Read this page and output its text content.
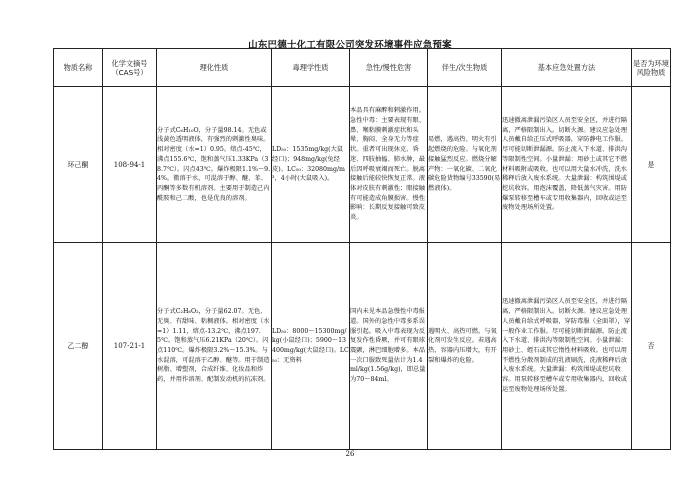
山东巴德士化工有限公司突发环境事件应急预案
物质名称	化学文摘号（CAS号）	理化性质	毒理学性质	急性/慢性危害	伴生/次生物质	基本应急处置方法	是否为环境风险物质
环己酮	108-94-1	分子式C₆H₁₀O，分子量98.14。无色或浅黄色透明液体，有强烈的刺激性臭味。相对密度（水=1）0.95。熔点-45℃，沸点155.6℃，饱和蒸气压1.33KPa（38.7℃）。闪点43℃。爆炸极限1.1%～9.4%。微溶于水，可混溶于醇、醚、苯、丙酮等多数有机溶剂。主要用于制造己内酰胺和己二酸，也是优良的溶剂。	LD₅₀：1535mg/kg(大鼠经口)；948mg/kg(兔经皮)。LC₅₀：32080mg/m³，4小时(大鼠吸入)。	本品具有麻醉和刺激作用。急性中毒：主要表现有眼、鼻、喉粘膜刺激症状和头晕、胸闷、全身无力等症状。重者可出现休克、昏迷、四肢抽搐、肺水肿，最后因呼吸衰竭而死亡。脱离接触后能较快恢复正常。液体对皮肤有刺激性；眼接触有可能造成角膜损害。慢性影响：长期反复接触可致皮炎。	易燃，遇高热、明火有引起燃烧的危险。与氧化剂接触猛烈反应。燃烧分解产物：一氧化碳、二氧化碳危险货物编号33590(易燃液体)。	迅速撤离泄漏污染区人员至安全区，并进行隔离，严格限制出入。切断火源。建议应急处理人员戴自给正压式呼吸器，穿防静电工作服。尽可能切断泄漏源。防止流入下水道、排洪沟等限制性空间。小量泄漏：用砂土或其它不燃材料吸附或吸收。也可以用大量水冲洗，洗水稀释后放入废水系统。大量泄漏：构筑围堤或挖坑收容。用泡沫覆盖，降低蒸气灾害。用防爆泵转移至槽车或专用收集器内，回收或运至废物处理场所处置。	是
乙二醇	107-21-1	分子式C₂H₆O₂，分子量62.07。无色、无臭、有甜味、粘稠液体。相对密度（水=1）1.11，熔点-13.2℃，沸点197.5℃。饱和蒸气压6.21KPa（20℃）。闪点110℃。爆炸极限3.2%～15.3%。与水混溶，可混溶于乙醇、醚等。用于制造树脂、增塑剂，合成纤维、化妆品和炸药，并用作溶剂、配制发动机的抗冻剂。	LD₅₀：8000～15300mg/kg(小鼠经口)；5900～13400mg/kg(大鼠经口)。LC₅₀：无资料	国内未见本品急慢性中毒报道。国外的急性中毒多系误服引起。吸入中毒表现为反复发作性昏厥，并可有眼球震颤，淋巴细胞增多。本品一次口服致死量估计为1.4ml/kg(1.56g/kg)，即总量为70～84ml。	遇明火、高热可燃。与氧化剂可发生反应。若遇高热，容器内压增大，有开裂和爆炸的危险。	迅速撤离泄漏污染区人员至安全区，并进行隔离，严格限制出入。切断火源。建议应急处理人员戴自给式呼吸器，穿防毒服（全面罩），穿一般作业工作服。尽可能切断泄漏源。防止流入下水道、排洪沟等限制性空间。小量泄漏：用砂土、蛭石或其它惰性材料吸收。也可以用不燃性分散剂制成的乳液刷洗，洗液稀释后放入废水系统。大量泄漏：构筑围堤或挖坑收容。用泵转移至槽车或专用收集器内，回收或运至废物处理场所处置。	否
26
